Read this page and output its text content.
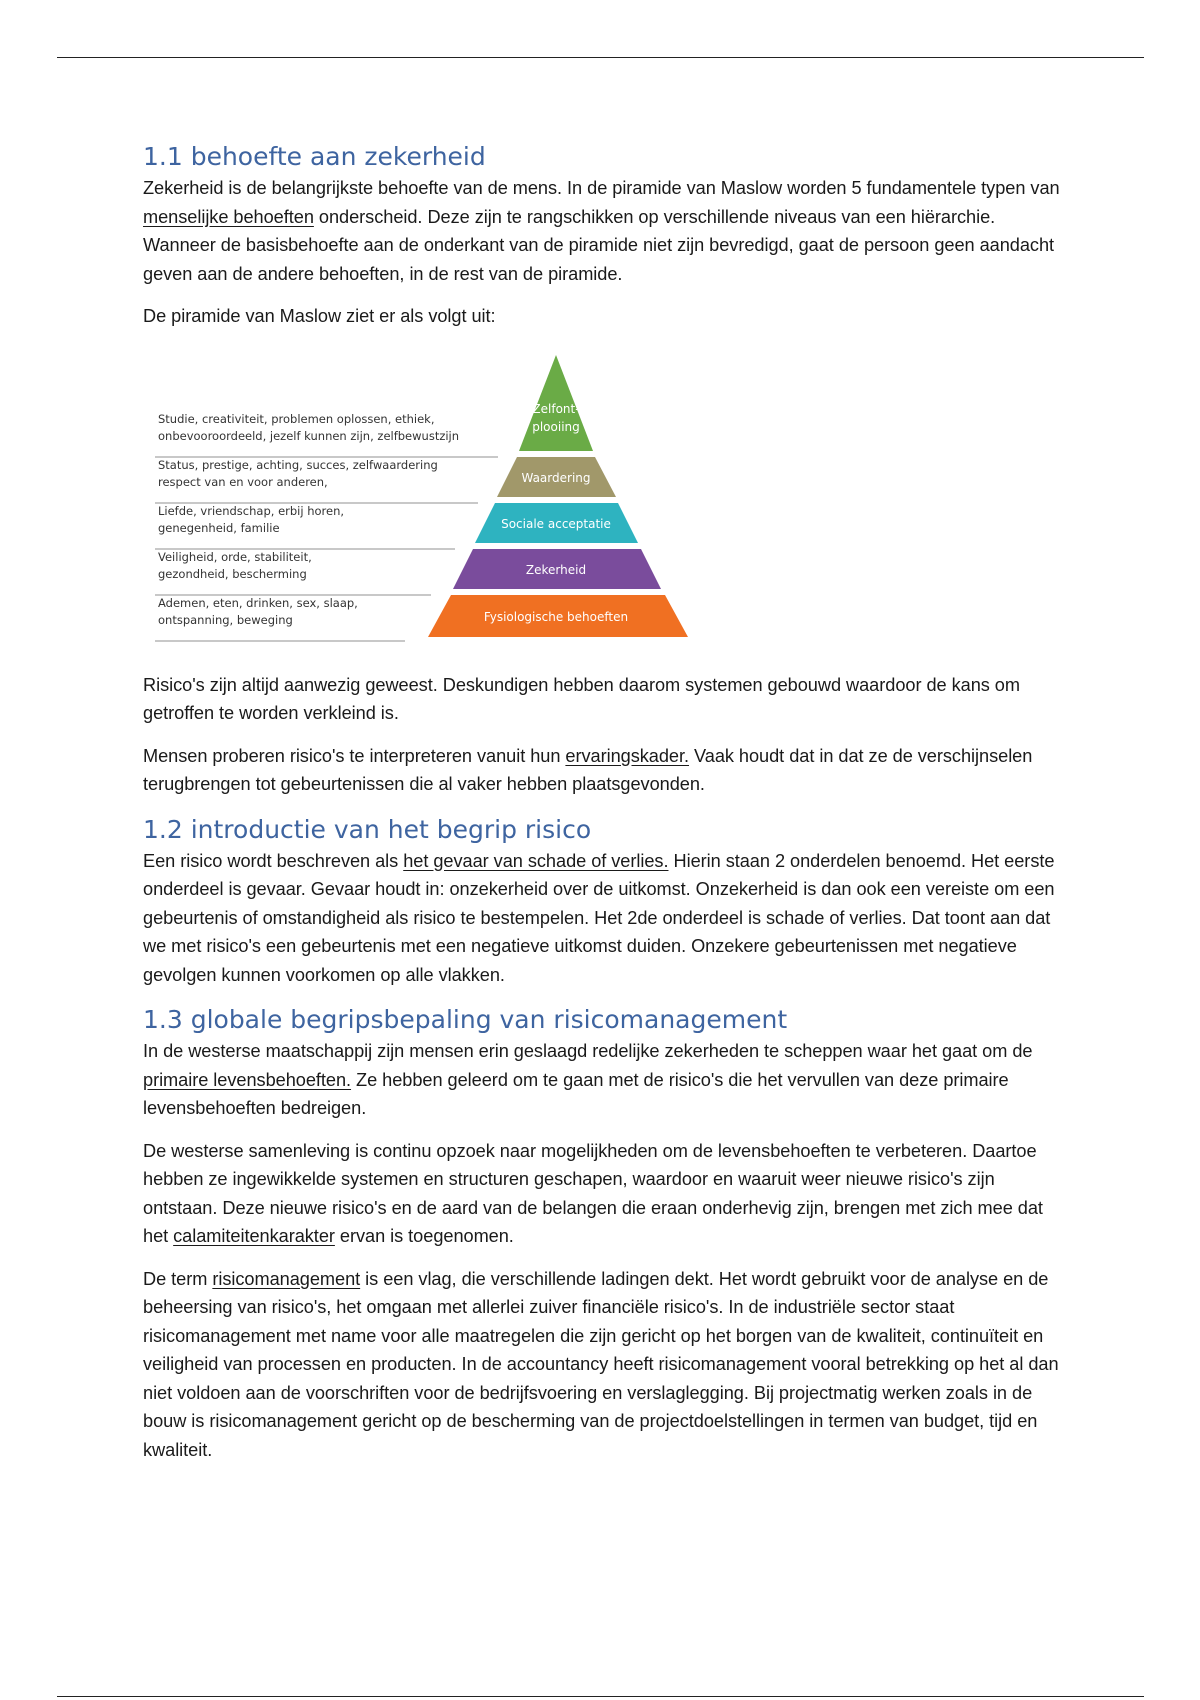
1.1 behoefte aan zekerheid

Zekerheid is de belangrijkste behoefte van de mens. In de piramide van Maslow worden 5 fundamentele typen van menselijke behoeften onderscheid. Deze zijn te rangschikken op verschillende niveaus van een hiërarchie. Wanneer de basisbehoefte aan de onderkant van de piramide niet zijn bevredigd, gaat de persoon geen aandacht geven aan de andere behoeften, in de rest van de piramide.

De piramide van Maslow ziet er als volgt uit:

Zelfont-
plooiing
Waardering
Sociale acceptatie
Zekerheid
Fysiologische behoeften
Studie, creativiteit, problemen oplossen, ethiek,
onbevooroordeeld, jezelf kunnen zijn, zelfbewustzijn
Status, prestige, achting, succes, zelfwaardering
respect van en voor anderen,
Liefde, vriendschap, erbij horen,
genegenheid, familie
Veiligheid, orde, stabiliteit,
gezondheid, bescherming
Ademen, eten, drinken, sex, slaap,
ontspanning, beweging

Risico's zijn altijd aanwezig geweest. Deskundigen hebben daarom systemen gebouwd waardoor de kans om getroffen te worden verkleind is.

Mensen proberen risico's te interpreteren vanuit hun ervaringskader. Vaak houdt dat in dat ze de verschijnselen terugbrengen tot gebeurtenissen die al vaker hebben plaatsgevonden.

1.2 introductie van het begrip risico

Een risico wordt beschreven als het gevaar van schade of verlies. Hierin staan 2 onderdelen benoemd. Het eerste onderdeel is gevaar. Gevaar houdt in: onzekerheid over de uitkomst. Onzekerheid is dan ook een vereiste om een gebeurtenis of omstandigheid als risico te bestempelen. Het 2de onderdeel is schade of verlies. Dat toont aan dat we met risico's een gebeurtenis met een negatieve uitkomst duiden. Onzekere gebeurtenissen met negatieve gevolgen kunnen voorkomen op alle vlakken.

1.3 globale begripsbepaling van risicomanagement

In de westerse maatschappij zijn mensen erin geslaagd redelijke zekerheden te scheppen waar het gaat om de primaire levensbehoeften. Ze hebben geleerd om te gaan met de risico's die het vervullen van deze primaire levensbehoeften bedreigen.

De westerse samenleving is continu opzoek naar mogelijkheden om de levensbehoeften te verbeteren. Daartoe hebben ze ingewikkelde systemen en structuren geschapen, waardoor en waaruit weer nieuwe risico's zijn ontstaan. Deze nieuwe risico's en de aard van de belangen die eraan onderhevig zijn, brengen met zich mee dat het calamiteitenkarakter ervan is toegenomen.

De term risicomanagement is een vlag, die verschillende ladingen dekt. Het wordt gebruikt voor de analyse en de beheersing van risico's, het omgaan met allerlei zuiver financiële risico's. In de industriële sector staat risicomanagement met name voor alle maatregelen die zijn gericht op het borgen van de kwaliteit, continuïteit en veiligheid van processen en producten. In de accountancy heeft risicomanagement vooral betrekking op het al dan niet voldoen aan de voorschriften voor de bedrijfsvoering en verslaglegging. Bij projectmatig werken zoals in de bouw is risicomanagement gericht op de bescherming van de projectdoelstellingen in termen van budget, tijd en kwaliteit.
